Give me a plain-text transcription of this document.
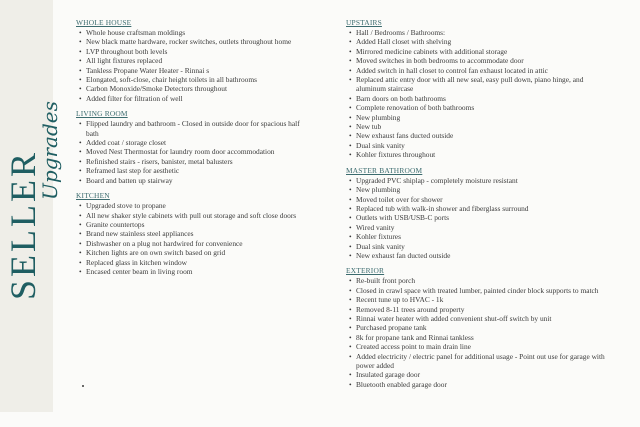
SELLER
Upgrades
WHOLE HOUSE
• Whole house craftsman moldings
• New black matte hardware, rocker switches, outlets throughout home
• LVP throughout both levels
• All light fixtures replaced
• Tankless Propane Water Heater - Rinnai s
• Elongated, soft-close, chair height toilets in all bathrooms
• Carbon Monoxide/Smoke Detectors throughout
• Added filter for filtration of well
LIVING ROOM
• Flipped laundry and bathroom - Closed in outside door for spacious half bath
• Added coat / storage closet
• Moved Nest Thermostat for laundry room door accommodation
• Refinished stairs - risers, banister, metal balusters
• Reframed last step for aesthetic
• Board and batten up stairway
KITCHEN
• Upgraded stove to propane
• All new shaker style cabinets with pull out storage and soft close doors
• Granite countertops
• Brand new stainless steel appliances
• Dishwasher on a plug not hardwired for convenience
• Kitchen lights are on own switch based on grid
• Replaced glass in kitchen window
• Encased center beam in living room
UPSTAIRS
• Hall / Bedrooms / Bathrooms:
• Added Hall closet with shelving
• Mirrored medicine cabinets with additional storage
• Moved switches in both bedrooms to accommodate door
• Added switch in hall closet to control fan exhaust located in attic
• Replaced attic entry door with all new seal, easy pull down, piano hinge, and aluminum staircase
• Barn doors on both bathrooms
• Complete renovation of both bathrooms
• New plumbing
• New tub
• New exhaust fans ducted outside
• Dual sink vanity
• Kohler fixtures throughout
MASTER BATHROOM
• Upgraded PVC shiplap - completely moisture resistant
• New plumbing
• Moved toilet over for shower
• Replaced tub with walk-in shower and fiberglass surround
• Outlets with USB/USB-C ports
• Wired vanity
• Kohler fixtures
• Dual sink vanity
• New exhaust fan ducted outside
EXTERIOR
• Re-built front porch
• Closed in crawl space with treated lumber, painted cinder block supports to match
• Recent tune up to HVAC - 1k
• Removed 8-11 trees around property
• Rinnai water heater with added convenient shut-off switch by unit
• Purchased propane tank
• 8k for propane tank and Rinnai tankless
• Created access point to main drain line
• Added electricity / electric panel for additional usage - Point out use for garage with power added
• Insulated garage door
• Bluetooth enabled garage door
